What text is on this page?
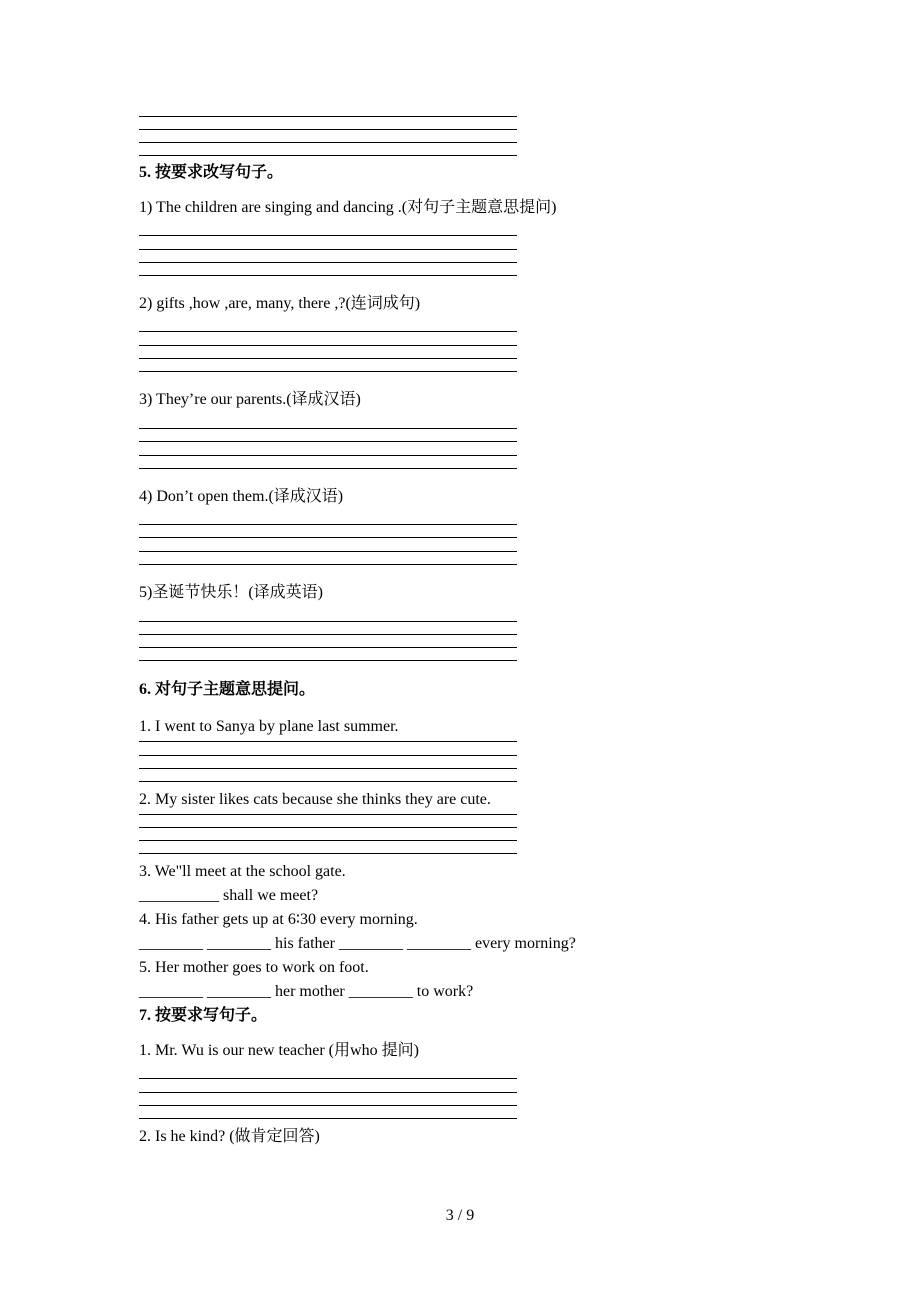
5. 按要求改写句子。
1) The children are singing and dancing .(对句子主题意思提问)
2) gifts ,how ,are, many, there ,?(连词成句)
3) They’re our parents.(译成汉语)
4) Don’t open them.(译成汉语)
5)圣诞节快乐！(译成英语)
6. 对句子主题意思提问。
1. I went to Sanya by plane last summer.
2. My sister likes cats because she thinks they are cute.
3. We"ll meet at the school gate.
__________ shall we meet?
4. His father gets up at 6∶30 every morning.
________ ________ his father ________ ________ every morning?
5. Her mother goes to work on foot.
________ ________ her mother ________ to work?
7. 按要求写句子。
1. Mr. Wu is our new teacher (用who 提问)
2. Is he kind? (做肯定回答)
3 / 9
